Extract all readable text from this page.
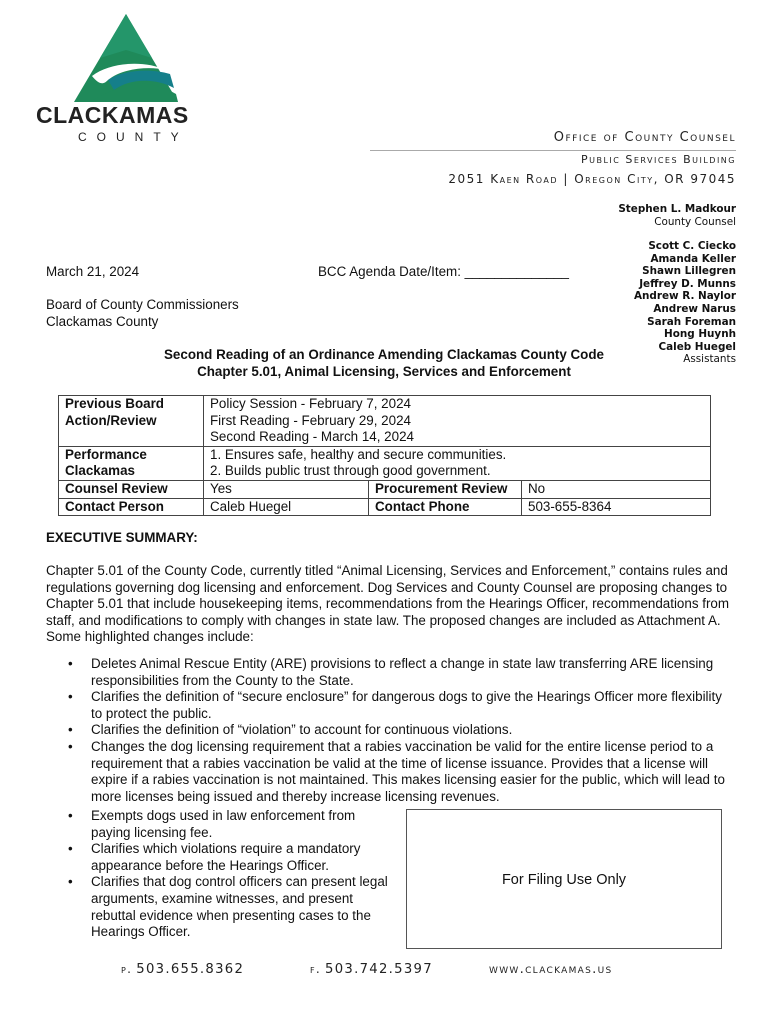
CLACKAMAS
COUNTY	Office of County Counsel
Public Services Building
2051 Kaen Road | Oregon City, OR 97045
Stephen L. Madkour
County Counsel
Scott C. Ciecko
Amanda Keller
Shawn Lillegren
Jeffrey D. Munns
Andrew R. Naylor
Andrew Narus
Sarah Foreman
Hong Huynh
Caleb Huegel
Assistants
March 21, 2024	BCC Agenda Date/Item: ______________
Board of County Commissioners
Clackamas County
Second Reading of an Ordinance Amending Clackamas County Code
Chapter 5.01, Animal Licensing, Services and Enforcement
Previous Board Action/Review	Policy Session - February 7, 2024
First Reading - February 29, 2024
Second Reading - March 14, 2024		

Performance Clackamas	1. Ensures safe, healthy and secure communities.
2. Builds public trust through good government.		

Counsel Review	Yes	Procurement Review	No
Contact Person	Caleb Huegel	Contact Phone	503-655-8364
EXECUTIVE SUMMARY:
Chapter 5.01 of the County Code, currently titled “Animal Licensing, Services and Enforcement,” contains rules and regulations governing dog licensing and enforcement. Dog Services and County Counsel are proposing changes to Chapter 5.01 that include housekeeping items, recommendations from the Hearings Officer, recommendations from staff, and modifications to comply with changes in state law. The proposed changes are included as Attachment A. Some highlighted changes include:
• Deletes Animal Rescue Entity (ARE) provisions to reflect a change in state law transferring ARE licensing responsibilities from the County to the State.
• Clarifies the definition of “secure enclosure” for dangerous dogs to give the Hearings Officer more flexibility to protect the public.
• Clarifies the definition of “violation” to account for continuous violations.
• Changes the dog licensing requirement that a rabies vaccination be valid for the entire license period to a requirement that a rabies vaccination be valid at the time of license issuance. Provides that a license will expire if a rabies vaccination is not maintained. This makes licensing easier for the public, which will lead to more licenses being issued and thereby increase licensing revenues.
• Exempts dogs used in law enforcement from paying licensing fee.
• Clarifies which violations require a mandatory appearance before the Hearings Officer.
• Clarifies that dog control officers can present legal arguments, examine witnesses, and present rebuttal evidence when presenting cases to the Hearings Officer.
For Filing Use Only
p. 503.655.8362	f. 503.742.5397	www.clackamas.us
